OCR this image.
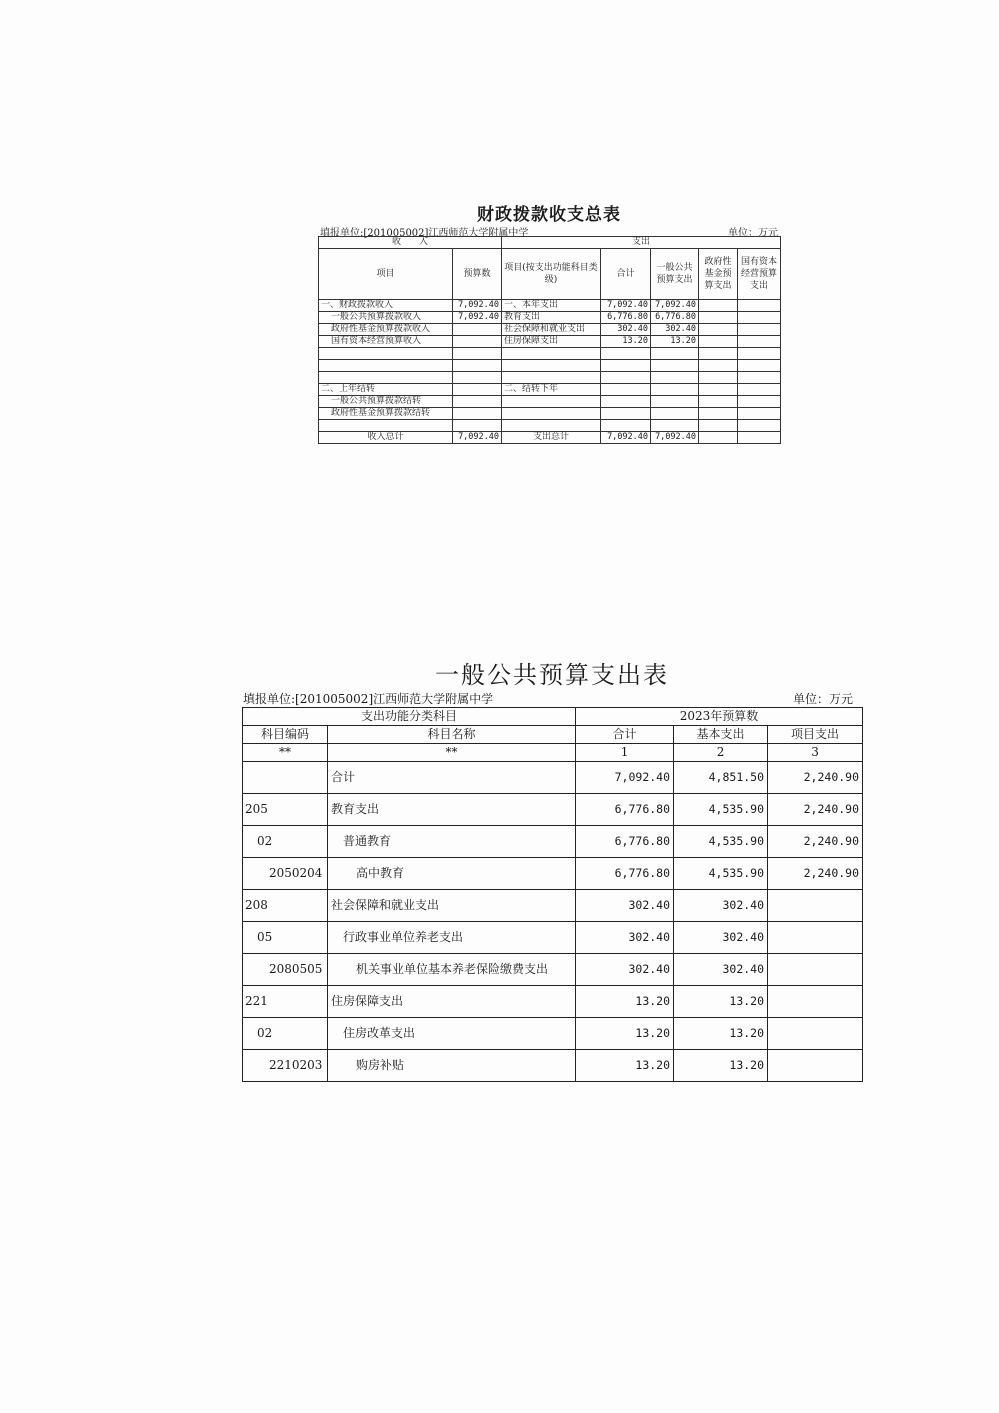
财政拨款收支总表
填报单位:[201005002]江西师范大学附属中学	单位：万元
收　　入		支出				
项目	预算数	项目(按支出功能科目类级)	合计	一般公共预算支出	政府性基金预算支出	国有资本经营预算支出
一、财政拨款收入	7,092.40	一、本年支出	7,092.40	7,092.40		
一般公共预算拨款收入	7,092.40	教育支出	6,776.80	6,776.80		
政府性基金预算拨款收入		社会保障和就业支出	302.40	302.40		
国有资本经营预算收入		住房保障支出	13.20	13.20		

二、上年结转		二、结转下年				
一般公共预算拨款结转						
政府性基金预算拨款结转						

收入总计	7,092.40	支出总计	7,092.40	7,092.40		
一般公共预算支出表
填报单位:[201005002]江西师范大学附属中学	单位：万元
支出功能分类科目		2023年预算数		
科目编码	科目名称	合计	基本支出	项目支出
**	**	1	2	3
	合计	7,092.40	4,851.50	2,240.90
205	教育支出	6,776.80	4,535.90	2,240.90
02	普通教育	6,776.80	4,535.90	2,240.90
2050204	高中教育	6,776.80	4,535.90	2,240.90
208	社会保障和就业支出	302.40	302.40	
05	行政事业单位养老支出	302.40	302.40	
2080505	机关事业单位基本养老保险缴费支出	302.40	302.40	
221	住房保障支出	13.20	13.20	
02	住房改革支出	13.20	13.20	
2210203	购房补贴	13.20	13.20	
